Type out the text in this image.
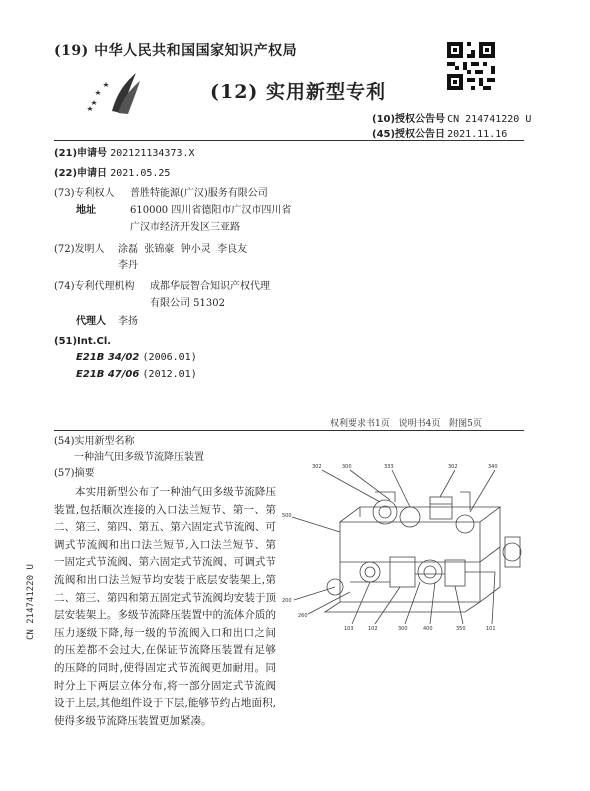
(19) 中华人民共和国国家知识产权局
(12) 实用新型专利
(10)授权公告号 CN 214741220 U
(45)授权公告日 2021.11.16
(21)申请号 202121134373.X
(22)申请日 2021.05.25
(73)专利权人 普胜特能源(广汉)服务有限公司
地址	610000 四川省德阳市广汉市四川省
广汉市经济开发区三亚路
(72)发明人 涂磊  张锦豪  钟小灵  李良友
李丹
(74)专利代理机构 成都华辰智合知识产权代理
有限公司 51302
代理人 李扬
(51)Int.Cl.
E21B 34/02 (2006.01)
E21B 47/06 (2012.01)
权利要求书1页 说明书4页 附图5页
(54)实用新型名称
一种油气田多级节流降压装置
(57)摘要
本实用新型公布了一种油气田多级节流降压装置,包括顺次连接的入口法兰短节、第一、第二、第三、第四、第五、第六固定式节流阀、可调式节流阀和出口法兰短节,入口法兰短节、第一固定式节流阀、第六固定式节流阀、可调式节流阀和出口法兰短节均安装于底层安装架上,第二、第三、第四和第五固定式节流阀均安装于顶层安装架上。多级节流降压装置中的流体介质的压力逐级下降,每一级的节流阀入口和出口之间的压差都不会过大,在保证节流降压装置有足够的压降的同时,使得固定式节流阀更加耐用。同时分上下两层立体分布,将一部分固定式节流阀设于上层,其他组件设于下层,能够节约占地面积,使得多级节流降压装置更加紧凑。
302	300	333	302	340
500
200
260
103	102	300	400	350	101
CN 214741220 U
